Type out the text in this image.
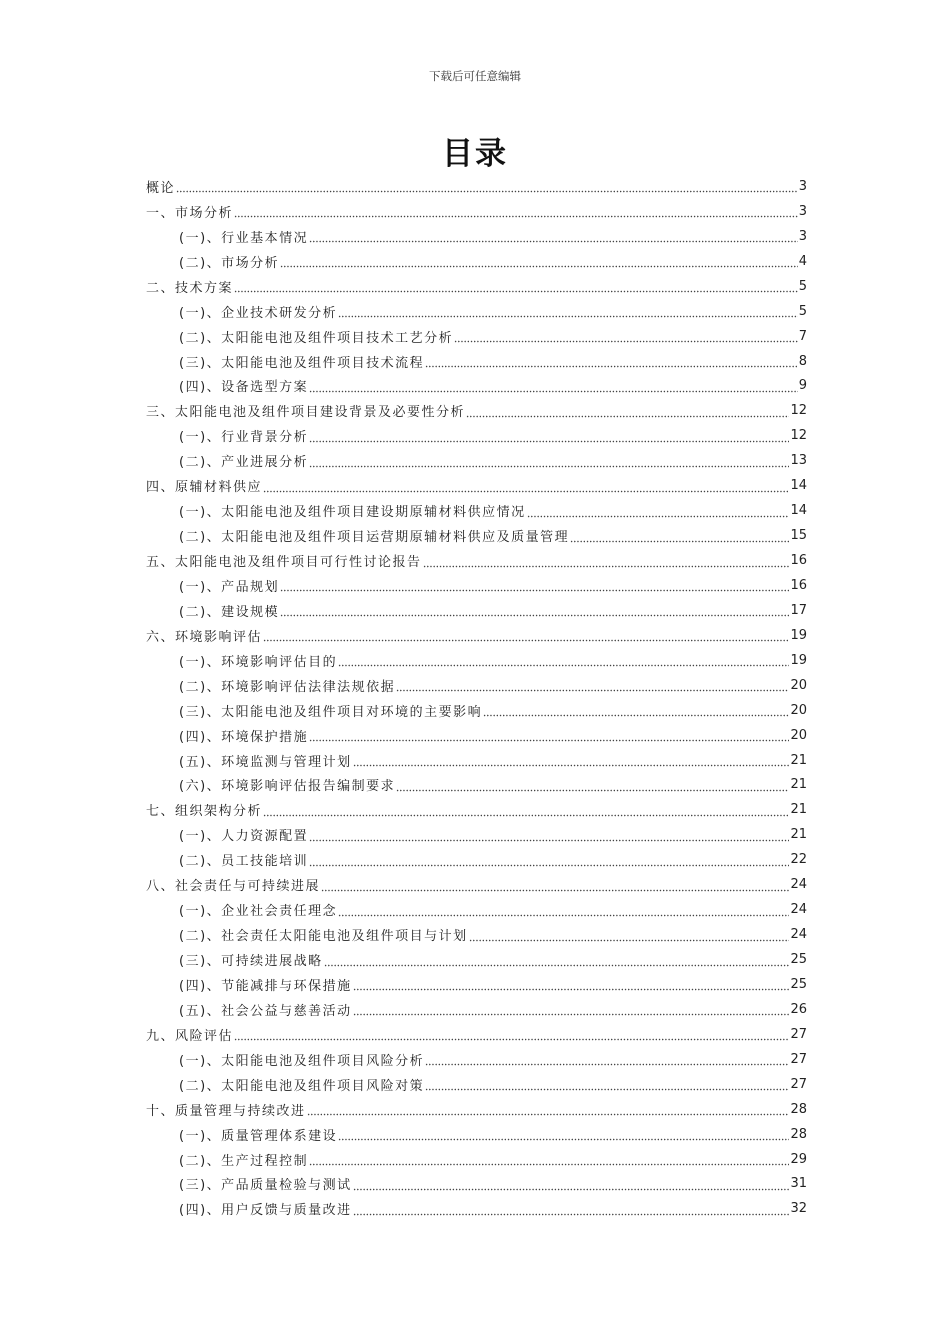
下载后可任意编辑
目录
概论	3
一、市场分析	3
(一)、行业基本情况	3
(二)、市场分析	4
二、技术方案	5
(一)、企业技术研发分析	5
(二)、太阳能电池及组件项目技术工艺分析	7
(三)、太阳能电池及组件项目技术流程	8
(四)、设备选型方案	9
三、太阳能电池及组件项目建设背景及必要性分析	12
(一)、行业背景分析	12
(二)、产业进展分析	13
四、原辅材料供应	14
(一)、太阳能电池及组件项目建设期原辅材料供应情况	14
(二)、太阳能电池及组件项目运营期原辅材料供应及质量管理	15
五、太阳能电池及组件项目可行性讨论报告	16
(一)、产品规划	16
(二)、建设规模	17
六、环境影响评估	19
(一)、环境影响评估目的	19
(二)、环境影响评估法律法规依据	20
(三)、太阳能电池及组件项目对环境的主要影响	20
(四)、环境保护措施	20
(五)、环境监测与管理计划	21
(六)、环境影响评估报告编制要求	21
七、组织架构分析	21
(一)、人力资源配置	21
(二)、员工技能培训	22
八、社会责任与可持续进展	24
(一)、企业社会责任理念	24
(二)、社会责任太阳能电池及组件项目与计划	24
(三)、可持续进展战略	25
(四)、节能减排与环保措施	25
(五)、社会公益与慈善活动	26
九、风险评估	27
(一)、太阳能电池及组件项目风险分析	27
(二)、太阳能电池及组件项目风险对策	27
十、质量管理与持续改进	28
(一)、质量管理体系建设	28
(二)、生产过程控制	29
(三)、产品质量检验与测试	31
(四)、用户反馈与质量改进	32
